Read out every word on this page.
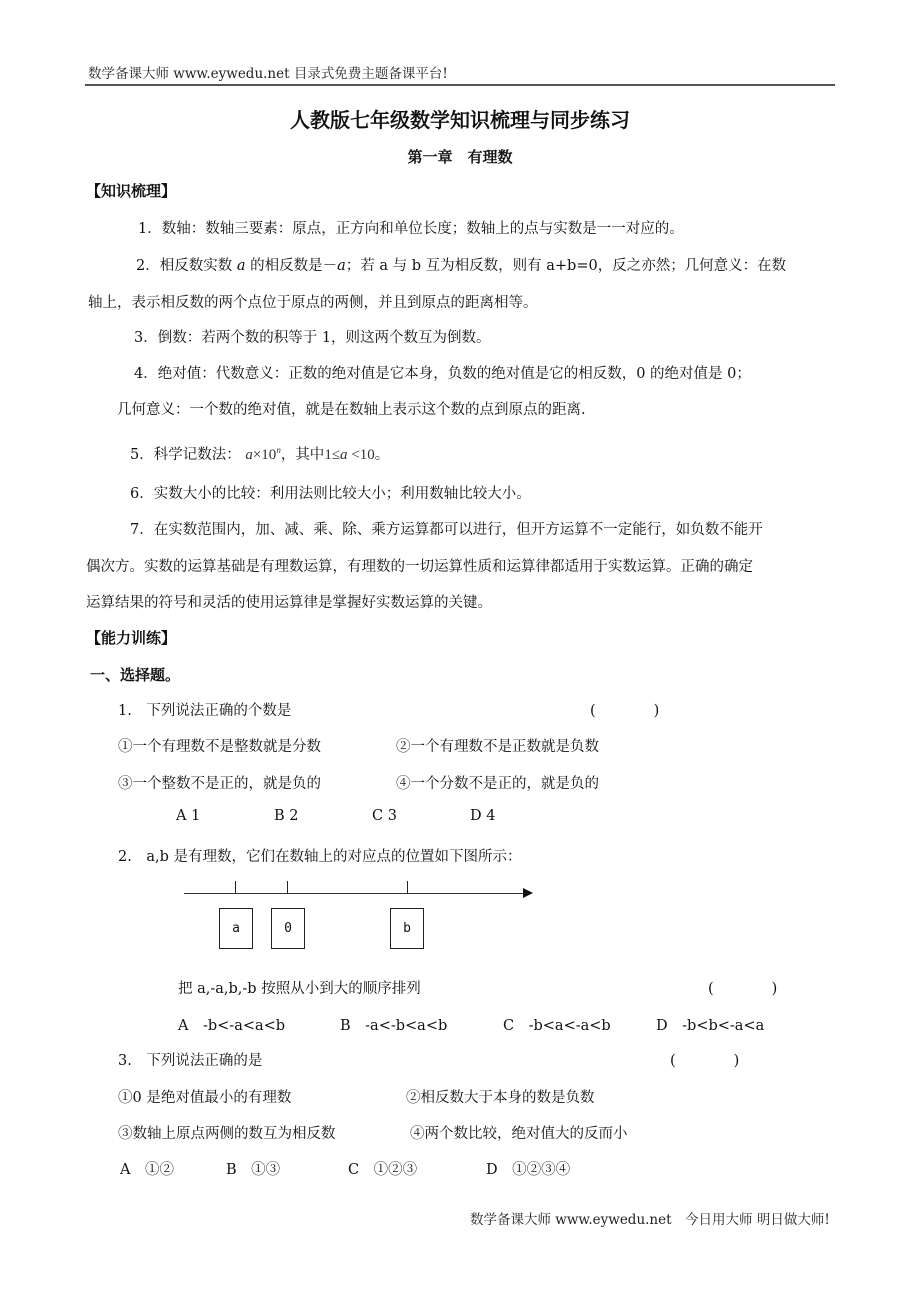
数学备课大师 www.eywedu.net 目录式免费主题备课平台!
人教版七年级数学知识梳理与同步练习
第一章　有理数
【知识梳理】
1．数轴：数轴三要素：原点，正方向和单位长度；数轴上的点与实数是一一对应的。
2．相反数实数 a 的相反数是－a；若 a 与 b 互为相反数，则有 a+b=0，反之亦然；几何意义：在数
轴上，表示相反数的两个点位于原点的两侧，并且到原点的距离相等。
3．倒数：若两个数的积等于 1，则这两个数互为倒数。
4．绝对值：代数意义：正数的绝对值是它本身，负数的绝对值是它的相反数，0 的绝对值是 0；
几何意义：一个数的绝对值，就是在数轴上表示这个数的点到原点的距离.
5．科学记数法： $a\times 10^n$，其中1≤a <10。
6．实数大小的比较：利用法则比较大小；利用数轴比较大小。
7．在实数范围内，加、减、乘、除、乘方运算都可以进行，但开方运算不一定能行，如负数不能开
偶次方。实数的运算基础是有理数运算，有理数的一切运算性质和运算律都适用于实数运算。正确的确定
运算结果的符号和灵活的使用运算律是掌握好实数运算的关键。
【能力训练】
一、选择题。
1.　下列说法正确的个数是	(　　　　)
①一个有理数不是整数就是分数	②一个有理数不是正数就是负数
③一个整数不是正的，就是负的	④一个分数不是正的，就是负的
A 1	B 2	C 3	D 4
2.　a,b 是有理数，它们在数轴上的对应点的位置如下图所示：
a	0	b
把 a,-a,b,-b 按照从小到大的顺序排列	(　　　　)
A　-b<-a<a<b	B　-a<-b<a<b	C　-b<a<-a<b	D　-b<b<-a<a
3.　下列说法正确的是	(　　　　)
①0 是绝对值最小的有理数	②相反数大于本身的数是负数
③数轴上原点两侧的数互为相反数	④两个数比较，绝对值大的反而小
A　①②	B　①③	C　①②③	D　①②③④
数学备课大师 www.eywedu.net　今日用大师 明日做大师!
